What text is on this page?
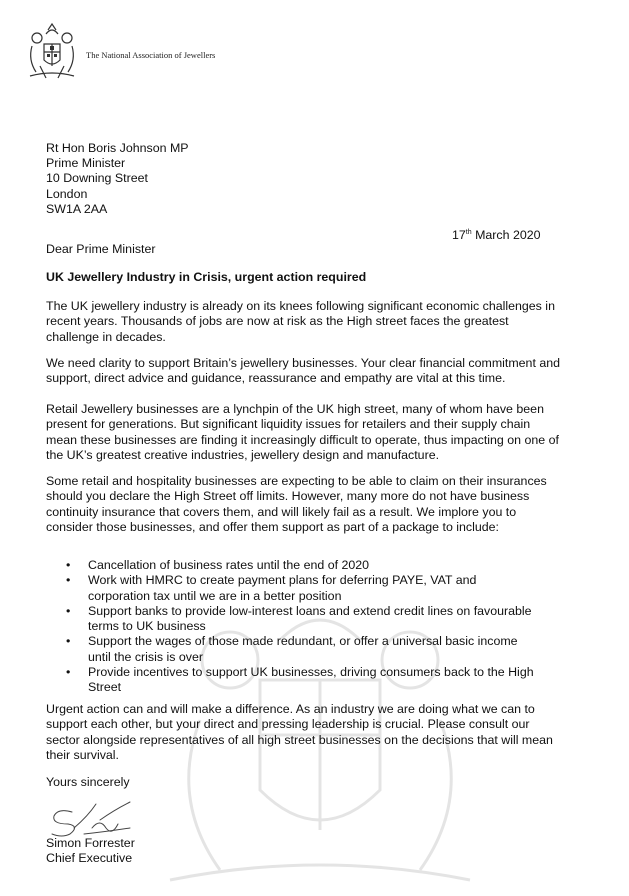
The National Association of Jewellers
Rt Hon Boris Johnson MP
Prime Minister
10 Downing Street
London
SW1A 2AA
17th March 2020
Dear Prime Minister
UK Jewellery Industry in Crisis, urgent action required

The UK jewellery industry is already on its knees following significant economic challenges in recent years. Thousands of jobs are now at risk as the High street faces the greatest challenge in decades.

We need clarity to support Britain’s jewellery businesses. Your clear financial commitment and support, direct advice and guidance, reassurance and empathy are vital at this time.

Retail Jewellery businesses are a lynchpin of the UK high street, many of whom have been present for generations. But significant liquidity issues for retailers and their supply chain mean these businesses are finding it increasingly difficult to operate, thus impacting on one of the UK’s greatest creative industries, jewellery design and manufacture.

Some retail and hospitality businesses are expecting to be able to claim on their insurances should you declare the High Street off limits. However, many more do not have business continuity insurance that covers them, and will likely fail as a result. We implore you to consider those businesses, and offer them support as part of a package to include:

• Cancellation of business rates until the end of 2020
• Work with HMRC to create payment plans for deferring PAYE, VAT and corporation tax until we are in a better position
• Support banks to provide low-interest loans and extend credit lines on favourable terms to UK business
• Support the wages of those made redundant, or offer a universal basic income until the crisis is over
• Provide incentives to support UK businesses, driving consumers back to the High Street

Urgent action can and will make a difference. As an industry we are doing what we can to support each other, but your direct and pressing leadership is crucial. Please consult our sector alongside representatives of all high street businesses on the decisions that will mean their survival.

Yours sincerely
Simon Forrester
Chief Executive
